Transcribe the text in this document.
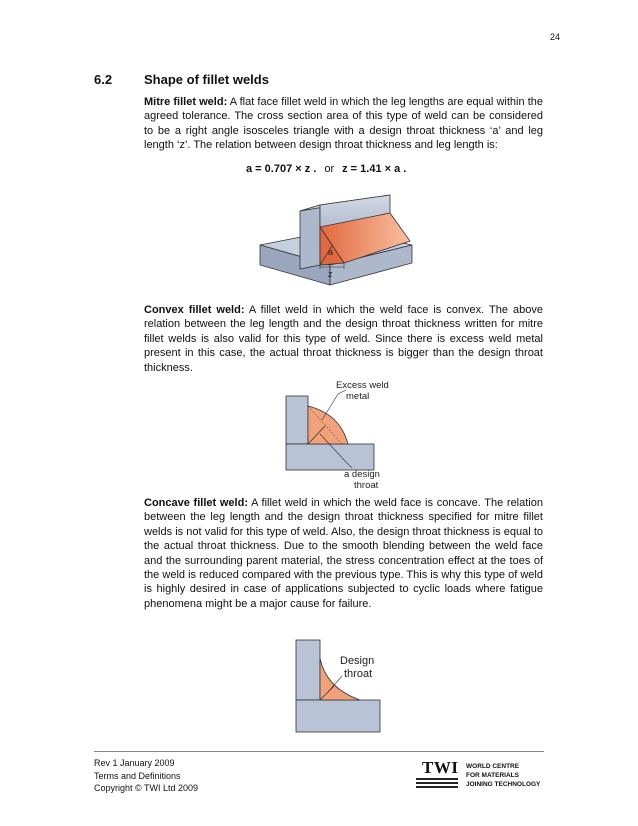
24
6.2 Shape of fillet welds

Mitre fillet weld: A flat face fillet weld in which the leg lengths are equal within the agreed tolerance. The cross section area of this type of weld can be considered to be a right angle isosceles triangle with a design throat thickness ‘a’ and leg length ‘z’. The relation between design throat thickness and leg length is:

a = 0.707 × z . or z = 1.41 × a .
a
z

Convex fillet weld: A fillet weld in which the weld face is convex. The above relation between the leg length and the design throat thickness written for mitre fillet welds is also valid for this type of weld. Since there is excess weld metal present in this case, the actual throat thickness is bigger than the design throat thickness.

Excess weld
metal
a design
throat

Concave fillet weld: A fillet weld in which the weld face is concave. The relation between the leg length and the design throat thickness specified for mitre fillet welds is not valid for this type of weld. Also, the design throat thickness is equal to the actual throat thickness. Due to the smooth blending between the weld face and the surrounding parent material, the stress concentration effect at the toes of the weld is reduced compared with the previous type. This is why this type of weld is highly desired in case of applications subjected to cyclic loads where fatigue phenomena might be a major cause for failure.

Design
throat
Rev 1 January 2009
Terms and Definitions
Copyright © TWI Ltd 2009
TWI WORLD CENTRE
FOR MATERIALS
JOINING TECHNOLOGY
